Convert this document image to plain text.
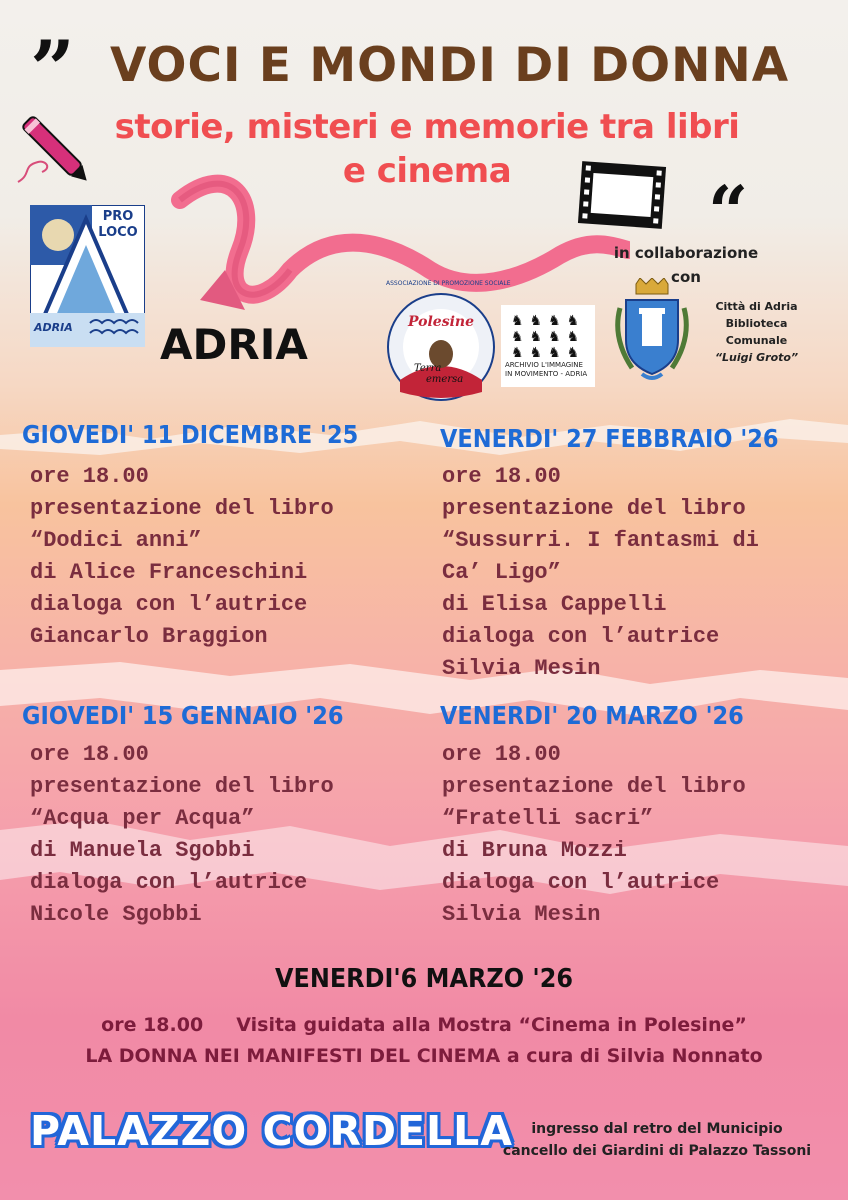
”
“
VOCI E MONDI DI DONNA
storie, misteri e memorie tra libri
e cinema
PRO
LOCO
ADRIA ADRIA	Polesine
Terra
emersa
ASSOCIAZIONE DI PROMOZIONE SOCIALE
♞♞♞♞
♞♞♞♞
♞♞♞♞
ARCHIVIO L'IMMAGINE
IN MOVIMENTO - ADRIA
in collaborazione
con
Città di Adria
Biblioteca Comunale
“Luigi Groto”
GIOVEDI' 11 DICEMBRE '25
ore 18.00
presentazione del libro
“Dodici anni”
di Alice Franceschini
dialoga con l’autrice
Giancarlo Braggion
VENERDI' 27 FEBBRAIO '26
ore 18.00
presentazione del libro
“Sussurri. I fantasmi di
Ca’ Ligo”
di Elisa Cappelli
dialoga con l’autrice
Silvia Mesin
GIOVEDI' 15 GENNAIO '26
ore 18.00
presentazione del libro
“Acqua per Acqua”
di Manuela Sgobbi
dialoga con l’autrice
Nicole Sgobbi
VENERDI' 20 MARZO '26
ore 18.00
presentazione del libro
“Fratelli sacri”
di Bruna Mozzi
dialoga con l’autrice
Silvia Mesin
VENERDI'6 MARZO '26
ore 18.00     Visita guidata alla Mostra “Cinema in Polesine”
LA DONNA NEI MANIFESTI DEL CINEMA a cura di Silvia Nonnato
PALAZZO CORDELLA	ingresso dal retro del Municipio
cancello dei Giardini di Palazzo Tassoni
